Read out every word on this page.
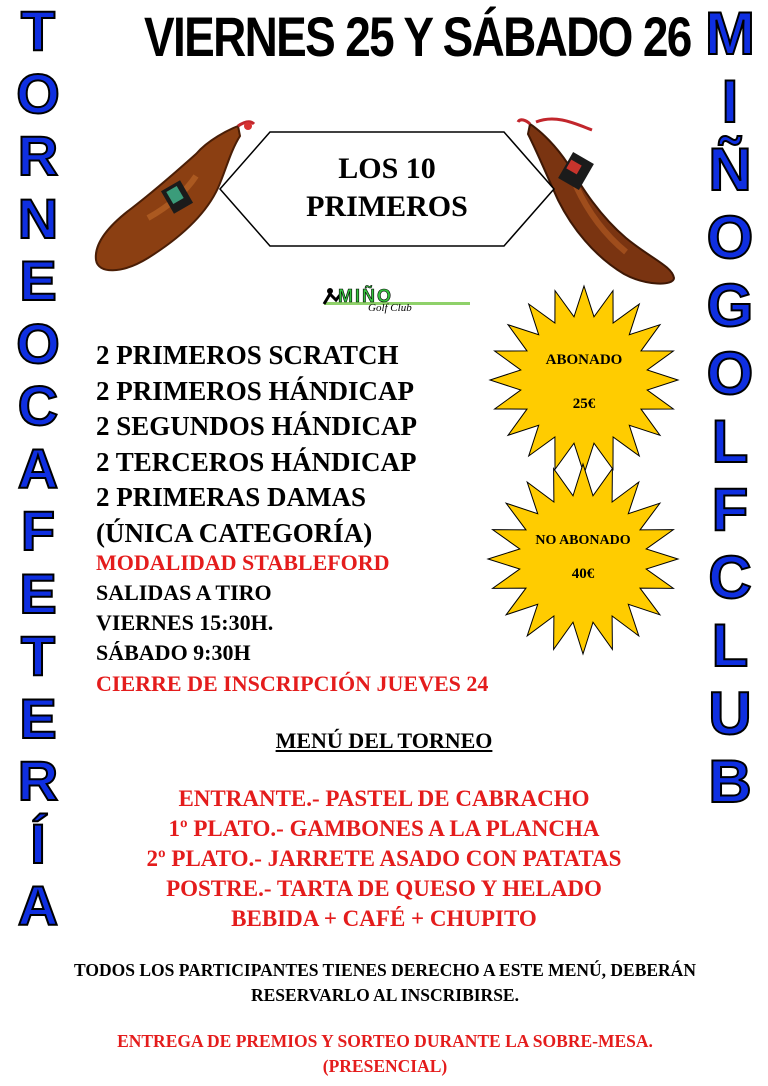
T
O
R
N
E
O
C
A
F
E
T
E
R
Í
A
M
I
Ñ
O
G
O
L
F
C
L
U
B
VIERNES 25 Y SÁBADO 26
LOS 10
PRIMEROS
MIÑO
Golf Club
2 PRIMEROS SCRATCH
2 PRIMEROS HÁNDICAP
2 SEGUNDOS HÁNDICAP
2 TERCEROS HÁNDICAP
2 PRIMERAS DAMAS
(ÚNICA CATEGORÍA)
MODALIDAD STABLEFORD
SALIDAS A TIRO
VIERNES 15:30H.
SÁBADO 9:30H
CIERRE DE INSCRIPCIÓN JUEVES 24
ABONADO
25€
NO ABONADO
40€
MENÚ DEL TORNEO
ENTRANTE.- PASTEL DE CABRACHO
1º PLATO.- GAMBONES A LA PLANCHA
2º PLATO.- JARRETE ASADO CON PATATAS
POSTRE.- TARTA DE QUESO Y HELADO
BEBIDA + CAFÉ + CHUPITO
TODOS LOS PARTICIPANTES TIENES DERECHO A ESTE MENÚ, DEBERÁN RESERVARLO AL INSCRIBIRSE.
ENTREGA DE PREMIOS Y SORTEO DURANTE LA SOBRE-MESA. (PRESENCIAL)
